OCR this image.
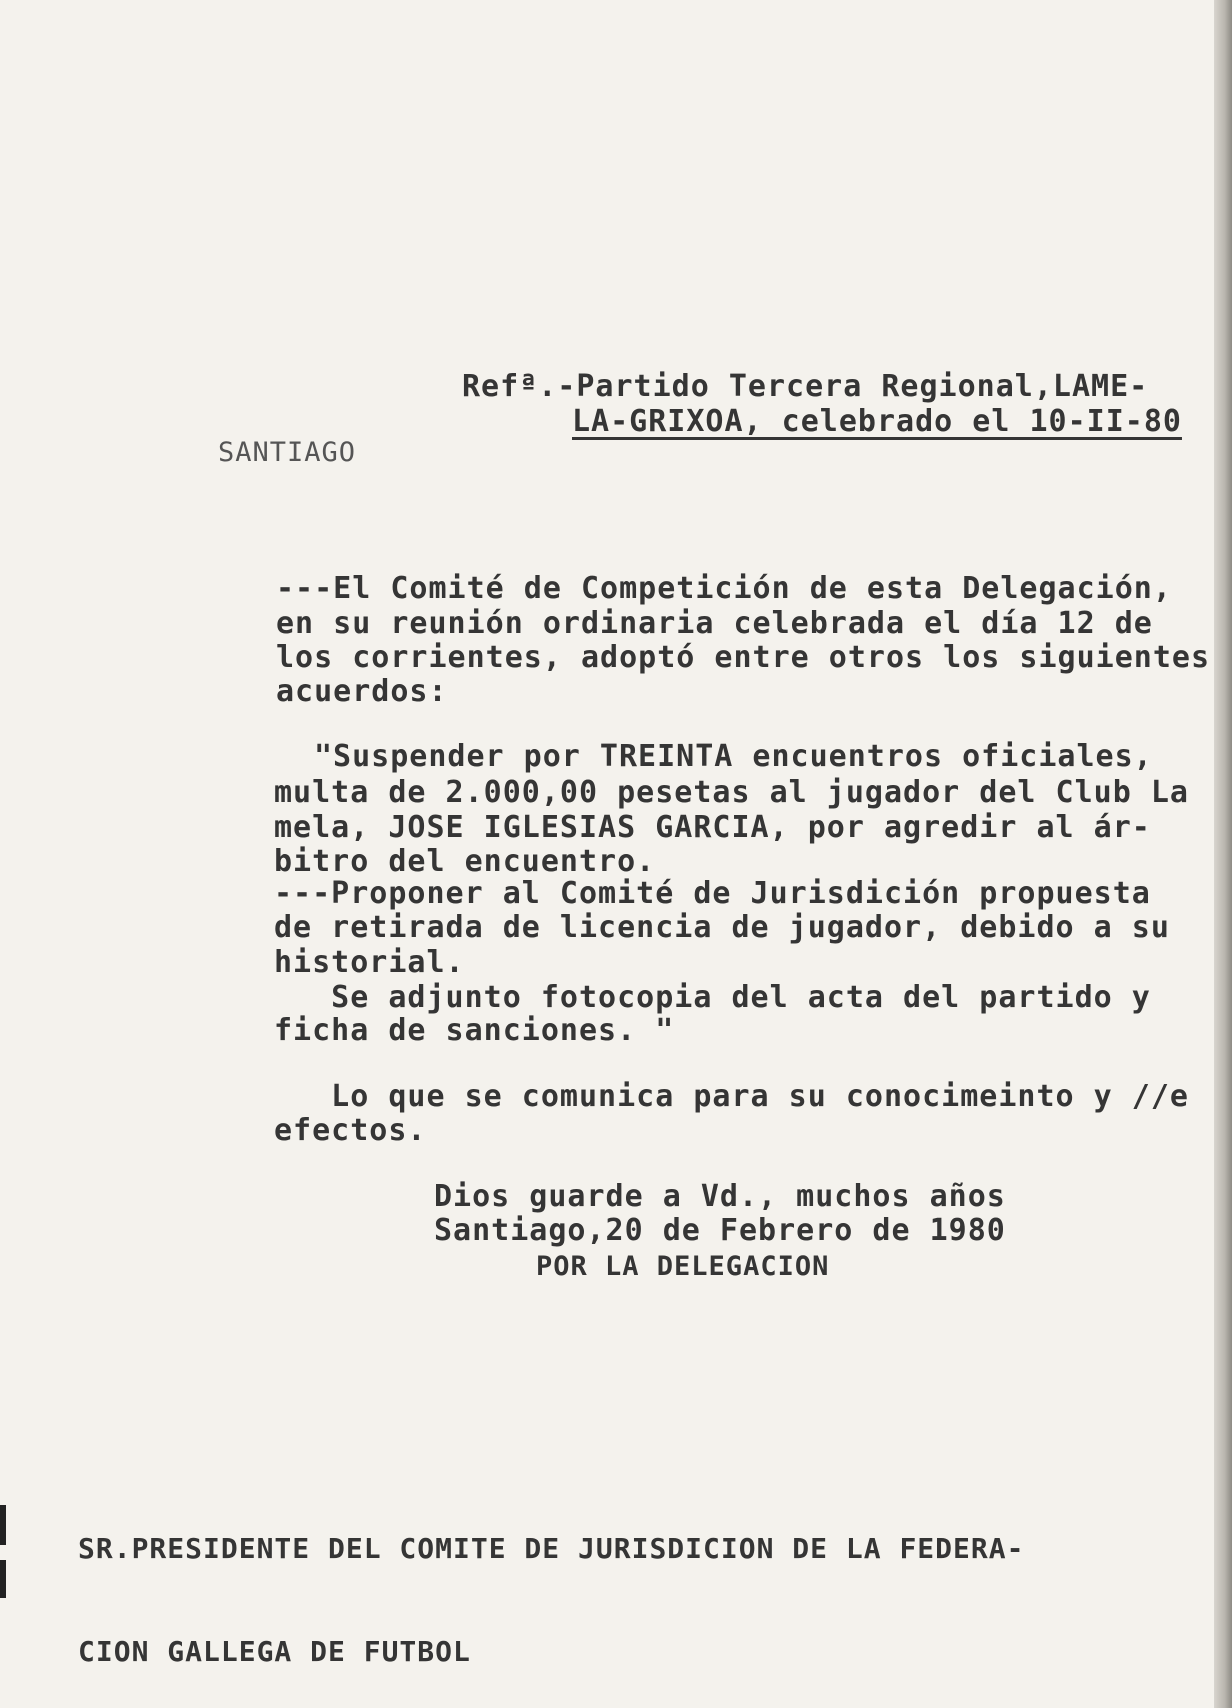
Refª.-Partido Tercera Regional,LAME-
LA-GRIXOA, celebrado el 10-II-80
SANTIAGO
---El Comité de Competición de esta Delegación,
en su reunión ordinaria celebrada el día 12 de
los corrientes, adoptó entre otros los siguientes
acuerdos:
"Suspender por TREINTA encuentros oficiales,
multa de 2.000,00 pesetas al jugador del Club La
mela, JOSE IGLESIAS GARCIA, por agredir al ár-
bitro del encuentro.
---Proponer al Comité de Jurisdición propuesta
de retirada de licencia de jugador, debido a su
historial.
Se adjunto fotocopia del acta del partido y
ficha de sanciones. "
Lo que se comunica para su conocimeinto y //e
efectos.
Dios guarde a Vd., muchos años
Santiago,20 de Febrero de 1980
POR LA DELEGACION
SR.PRESIDENTE DEL COMITE DE JURISDICION DE LA FEDERA-
CION GALLEGA DE FUTBOL
